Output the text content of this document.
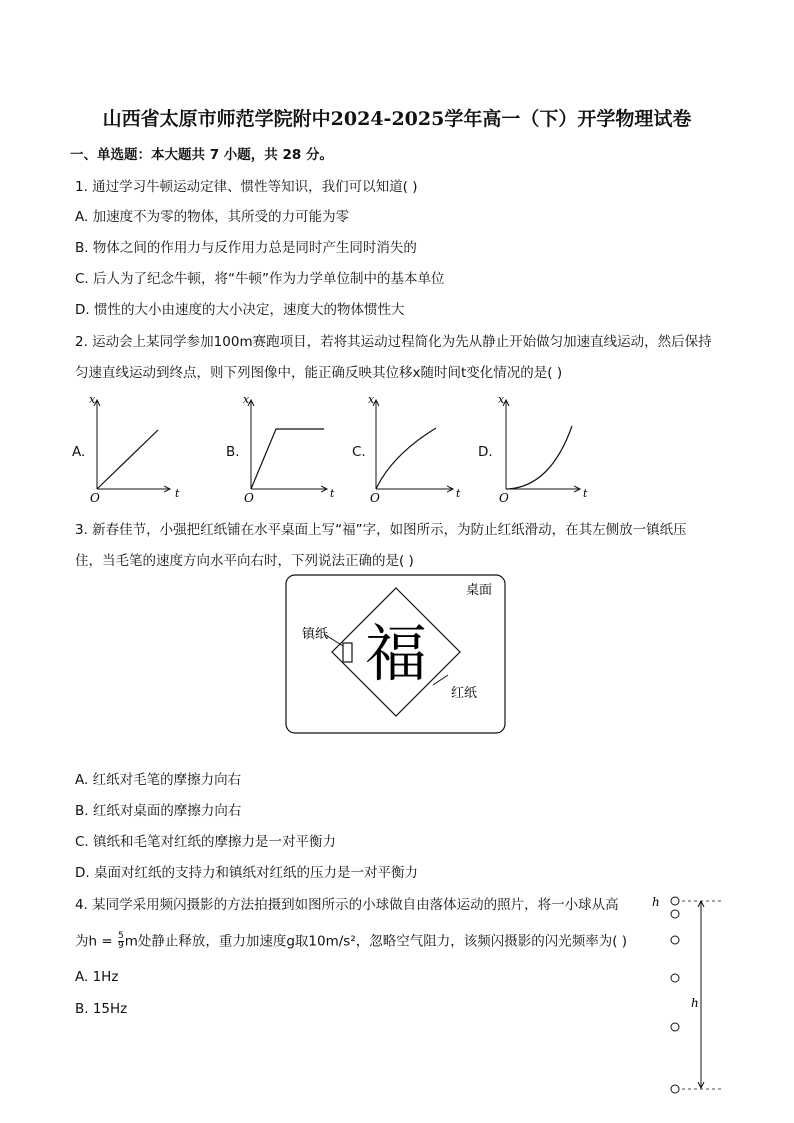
山西省太原市师范学院附中2024-2025学年高一（下）开学物理试卷
一、单选题：本大题共 7 小题，共 28 分。
1. 通过学习牛顿运动定律、惯性等知识，我们可以知道( )
A. 加速度不为零的物体，其所受的力可能为零
B. 物体之间的作用力与反作用力总是同时产生同时消失的
C. 后人为了纪念牛顿，将“牛顿”作为力学单位制中的基本单位
D. 惯性的大小由速度的大小决定，速度大的物体惯性大
2. 运动会上某同学参加100m赛跑项目，若将其运动过程简化为先从静止开始做匀加速直线运动，然后保持
匀速直线运动到终点，则下列图像中，能正确反映其位移x随时间t变化情况的是( )
A.	B.	C.	D.
x
t
O
x
t
O
x
t
O
x
t
O
3. 新春佳节，小强把红纸铺在水平桌面上写“福”字，如图所示，为防止红纸滑动，在其左侧放一镇纸压
住，当毛笔的速度方向水平向右时，下列说法正确的是( )
桌面
镇纸
红纸
福
A. 红纸对毛笔的摩擦力向右
B. 红纸对桌面的摩擦力向右
C. 镇纸和毛笔对红纸的摩擦力是一对平衡力
D. 桌面对红纸的支持力和镇纸对红纸的压力是一对平衡力
4. 某同学采用频闪摄影的方法拍摄到如图所示的小球做自由落体运动的照片，将一小球从高
为$h = \frac{5}{9}$ m处静止释放，重力加速度g取10m/s²，忽略空气阻力，该频闪摄影的闪光频率为( )
A. 1Hz
B. 15Hz
h
h
